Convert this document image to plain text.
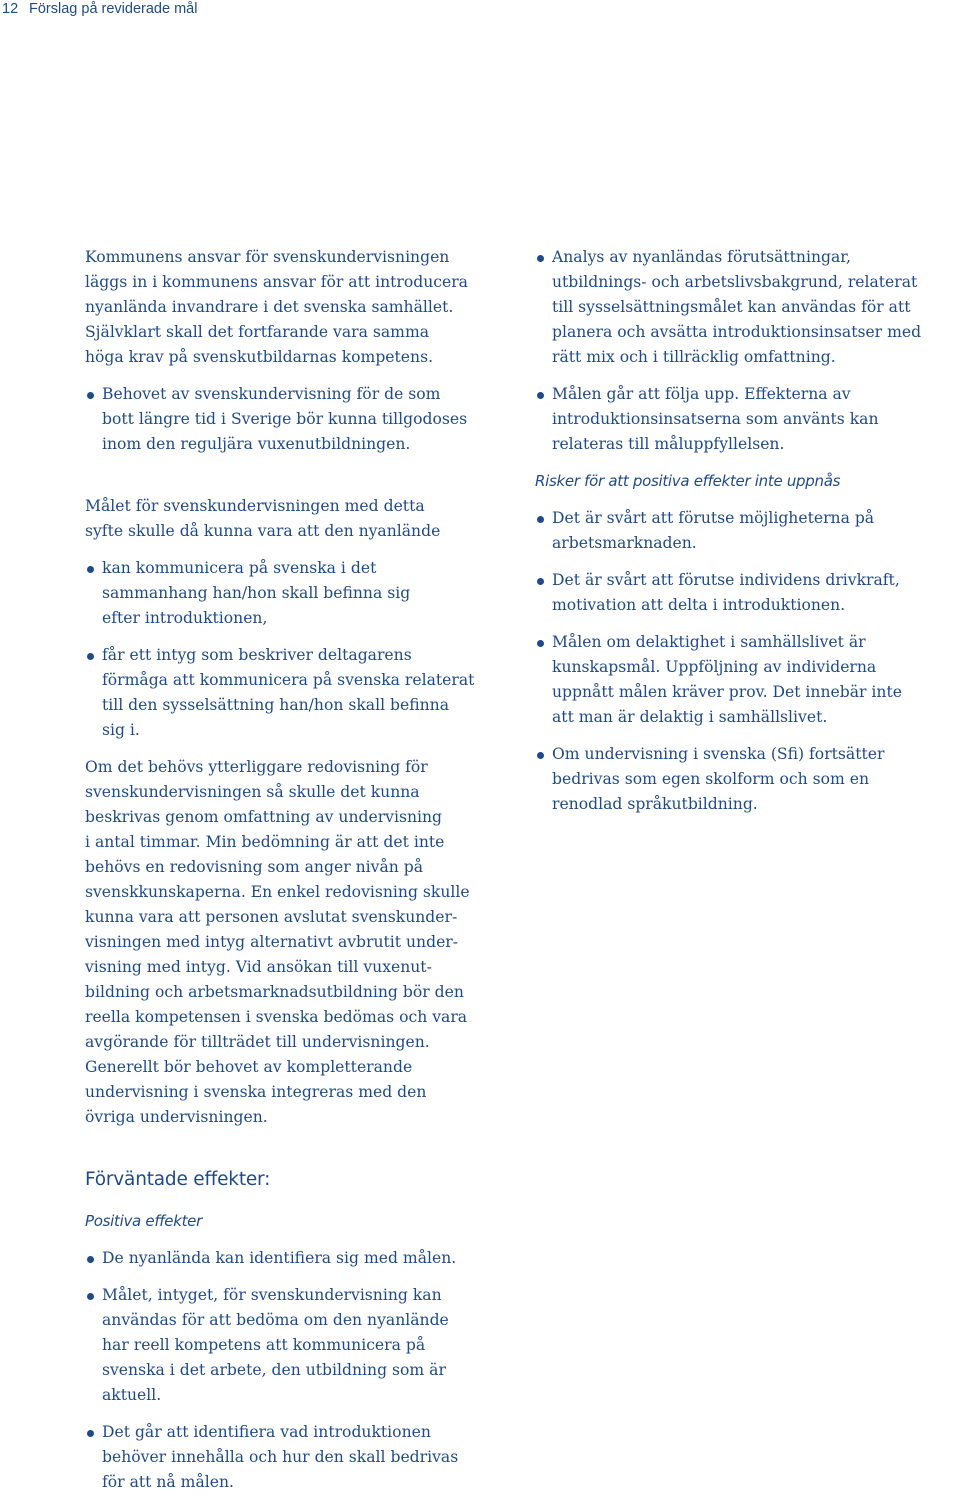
12 Förslag på reviderade mål

Kommunens ansvar för svenskundervisningen
läggs in i kommunens ansvar för att introducera
nyanlända invandrare i det svenska samhället.
Självklart skall det fortfarande vara samma
höga krav på svenskutbildarnas kompetens.

Behovet av svenskundervisning för de som
bott längre tid i Sverige bör kunna tillgodoses
inom den reguljära vuxenutbildningen.

Målet för svenskundervisningen med detta
syfte skulle då kunna vara att den nyanlände

kan kommunicera på svenska i det
sammanhang han/hon skall befinna sig
efter introduktionen,
får ett intyg som beskriver deltagarens
förmåga att kommunicera på svenska relaterat
till den sysselsättning han/hon skall befinna
sig i.

Om det behövs ytterliggare redovisning för
svenskundervisningen så skulle det kunna
beskrivas genom omfattning av undervisning
i antal timmar. Min bedömning är att det inte
behövs en redovisning som anger nivån på
svenskkunskaperna. En enkel redovisning skulle
kunna vara att personen avslutat svenskunder-
visningen med intyg alternativt avbrutit under-
visning med intyg. Vid ansökan till vuxenut-
bildning och arbetsmarknadsutbildning bör den
reella kompetensen i svenska bedömas och vara
avgörande för tillträdet till undervisningen.
Generellt bör behovet av kompletterande
undervisning i svenska integreras med den
övriga undervisningen.

Förväntade effekter:
Positiva effekter
De nyanlända kan identifiera sig med målen.
Målet, intyget, för svenskundervisning kan
användas för att bedöma om den nyanlände
har reell kompetens att kommunicera på
svenska i det arbete, den utbildning som är
aktuell.
Det går att identifiera vad introduktionen
behöver innehålla och hur den skall bedrivas
för att nå målen.
Analys av nyanländas förutsättningar,
utbildnings- och arbetslivsbakgrund, relaterat
till sysselsättningsmålet kan användas för att
planera och avsätta introduktionsinsatser med
rätt mix och i tillräcklig omfattning.
Målen går att följa upp. Effekterna av
introduktionsinsatserna som använts kan
relateras till måluppfyllelsen.
Risker för att positiva effekter inte uppnås
Det är svårt att förutse möjligheterna på
arbetsmarknaden.
Det är svårt att förutse individens drivkraft,
motivation att delta i introduktionen.
Målen om delaktighet i samhällslivet är
kunskapsmål. Uppföljning av individerna
uppnått målen kräver prov. Det innebär inte
att man är delaktig i samhällslivet.
Om undervisning i svenska (Sfi) fortsätter
bedrivas som egen skolform och som en
renodlad språkutbildning.
